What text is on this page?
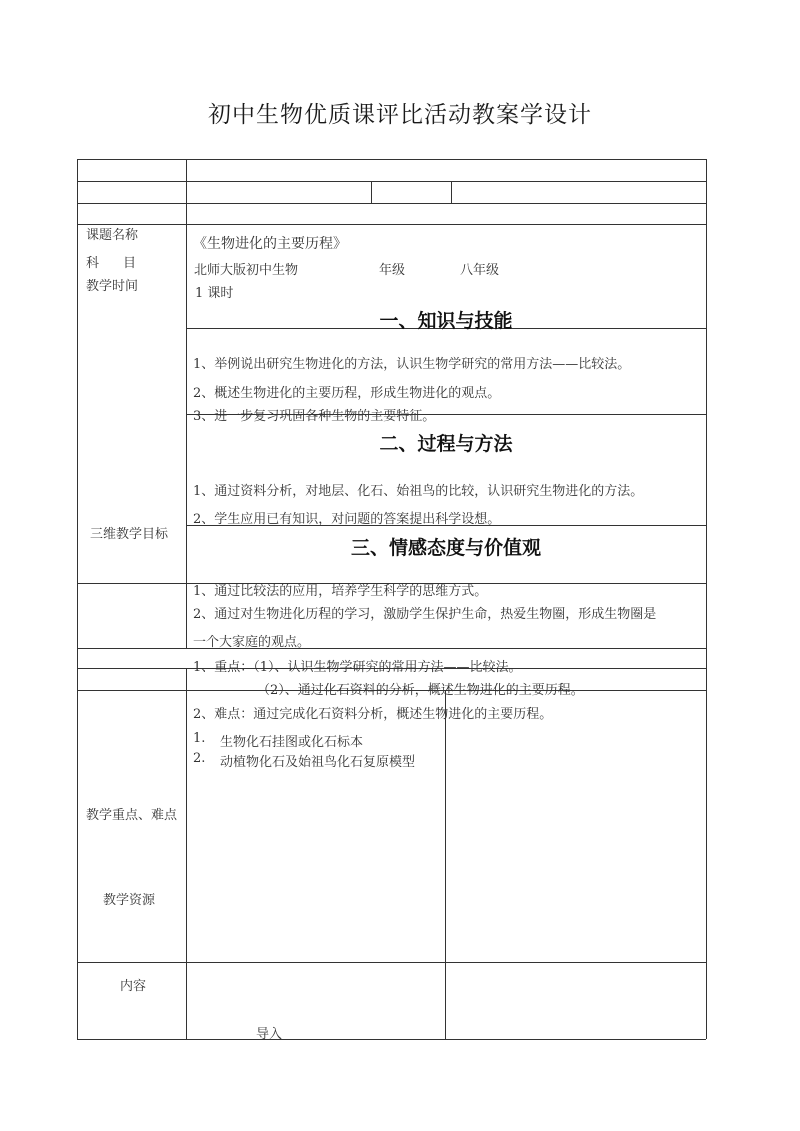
初中生物优质课评比活动教案学设计
课题名称
科 目
教学时间
三维教学目标
教学重点、难点
教学资源
内容
《生物进化的主要历程》
北师大版初中生物	年级	八年级
1 课时
一、知识与技能
1、举例说出研究生物进化的方法，认识生物学研究的常用方法——比较法。
2、概述生物进化的主要历程，形成生物进化的观点。
3、进一步复习巩固各种生物的主要特征。
二、过程与方法
1、通过资料分析，对地层、化石、始祖鸟的比较，认识研究生物进化的方法。
2、学生应用已有知识，对问题的答案提出科学设想。
三、情感态度与价值观
1、通过比较法的应用，培养学生科学的思维方式。
2、通过对生物进化历程的学习，激励学生保护生命，热爱生物圈，形成生物圈是
一个大家庭的观点。
1、重点：（1）、认识生物学研究的常用方法——比较法。
（2）、通过化石资料的分析，概述生物进化的主要历程。
2、难点：通过完成化石资料分析，概述生物进化的主要历程。
1. 生物化石挂图或化石标本
2. 动植物化石及始祖鸟化石复原模型
导入
